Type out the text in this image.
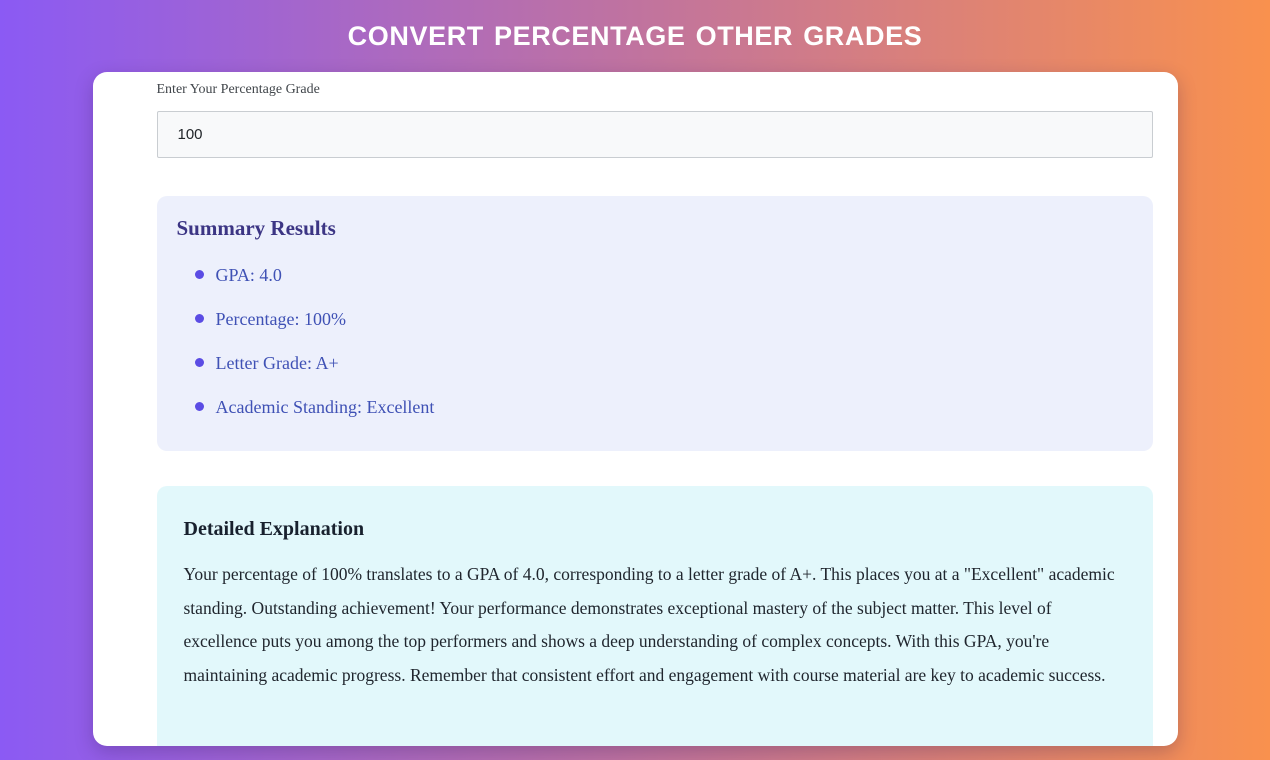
CONVERT PERCENTAGE OTHER GRADES
Enter Your Percentage Grade
100
Summary Results
GPA: 4.0
Percentage: 100%
Letter Grade: A+
Academic Standing: Excellent
Detailed Explanation

Your percentage of 100% translates to a GPA of 4.0, corresponding to a letter grade of A+. This places you at a "Excellent" academic standing. Outstanding achievement! Your performance demonstrates exceptional mastery of the subject matter. This level of excellence puts you among the top performers and shows a deep understanding of complex concepts. With this GPA, you're maintaining academic progress. Remember that consistent effort and engagement with course material are key to academic success.
